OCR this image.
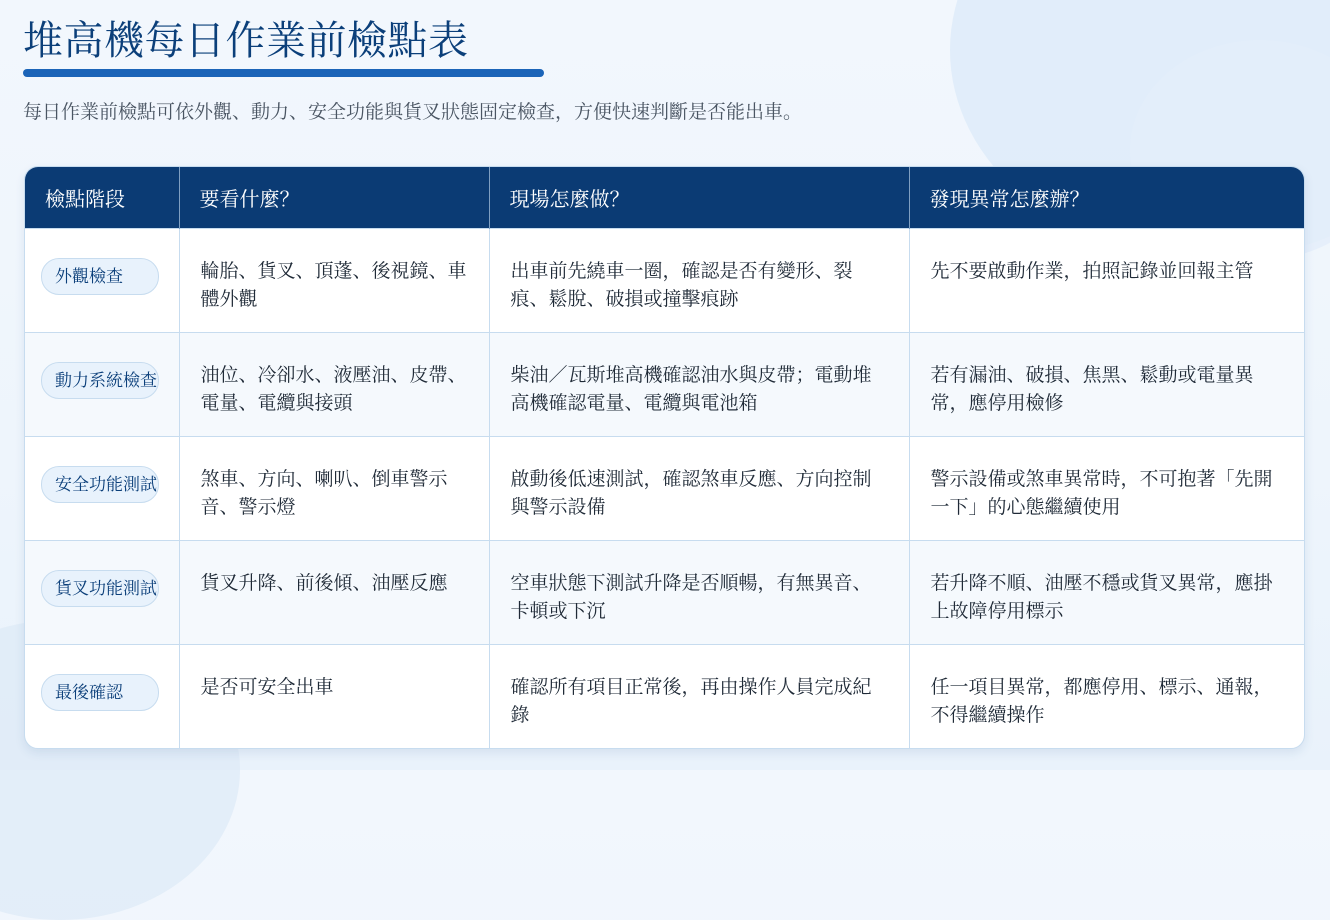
堆高機每日作業前檢點表

每日作業前檢點可依外觀、動力、安全功能與貨叉狀態固定檢查，方便快速判斷是否能出車。

檢點階段	要看什麼？	現場怎麼做？	發現異常怎麼辦？
外觀檢查	輪胎、貨叉、頂蓬、後視鏡、車體外觀	出車前先繞車一圈，確認是否有變形、裂痕、鬆脫、破損或撞擊痕跡	先不要啟動作業，拍照記錄並回報主管
動力系統檢查	油位、冷卻水、液壓油、皮帶、電量、電纜與接頭	柴油／瓦斯堆高機確認油水與皮帶；電動堆高機確認電量、電纜與電池箱	若有漏油、破損、焦黑、鬆動或電量異常，應停用檢修
安全功能測試	煞車、方向、喇叭、倒車警示音、警示燈	啟動後低速測試，確認煞車反應、方向控制與警示設備	警示設備或煞車異常時，不可抱著「先開一下」的心態繼續使用
貨叉功能測試	貨叉升降、前後傾、油壓反應	空車狀態下測試升降是否順暢，有無異音、卡頓或下沉	若升降不順、油壓不穩或貨叉異常，應掛上故障停用標示
最後確認	是否可安全出車	確認所有項目正常後，再由操作人員完成紀錄	任一項目異常，都應停用、標示、通報，不得繼續操作
